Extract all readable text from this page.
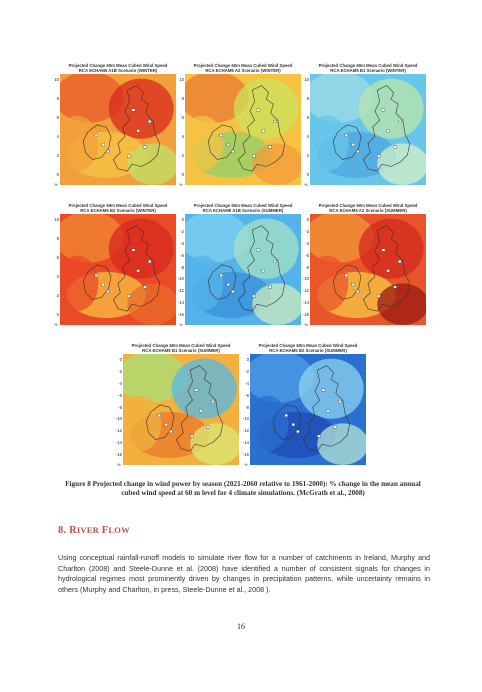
Projected Change 60m Mean Cubed Wind Speed
RCA ECHAM5 A1B Scenario (WINTER)
10
8
6
4
2
0
%
Projected Change 60m Mean Cubed Wind Speed
RCA ECHAM5 A2 Scenario (WINTER)
10
8
6
4
2
0
%
Projected Change 60m Mean Cubed Wind Speed
RCA ECHAM5 B1 Scenario (WINTER)
10
8
6
4
2
0
%
Projected Change 60m Mean Cubed Wind Speed
RCA ECHAM5 B2 Scenario (WINTER)
10
8
6
4
2
0
%
Projected Change 60m Mean Cubed Wind Speed
RCA ECHAM5 A1B Scenario (SUMMER)
0
-2
-4
-6
-8
-10
-12
-14
-16
%
Projected Change 60m Mean Cubed Wind Speed
RCA ECHAM5 A2 Scenario (SUMMER)
0
-2
-4
-6
-8
-10
-12
-14
-16
%
Projected Change 60m Mean Cubed Wind Speed
RCA ECHAM5 B1 Scenario (SUMMER)
0
-2
-4
-6
-8
-10
-12
-14
-16
%
Projected Change 60m Mean Cubed Wind Speed
RCA ECHAM5 B2 Scenario (SUMMER)
0
-2
-4
-6
-8
-10
-12
-14
-16
%
Figure 8 Projected change in wind power by season (2021-2060 relative to 1961-2000): % change in the mean annual cubed wind speed at 60 m level for 4 climate simulations. (McGrath et al., 2008)
8. RIVER FLOW
Using conceptual rainfall-runoff models to simulate river flow for a number of catchments in Ireland, Murphy and Charlton (2008) and Steele-Dunne et al. (2008) have identified a number of consistent signals for changes in hydrological regimes most prominently driven by changes in precipitation patterns, while uncertainty remains in others (Murphy and Charlton, in press, Steele-Dunne et al., 2008 ).
16
